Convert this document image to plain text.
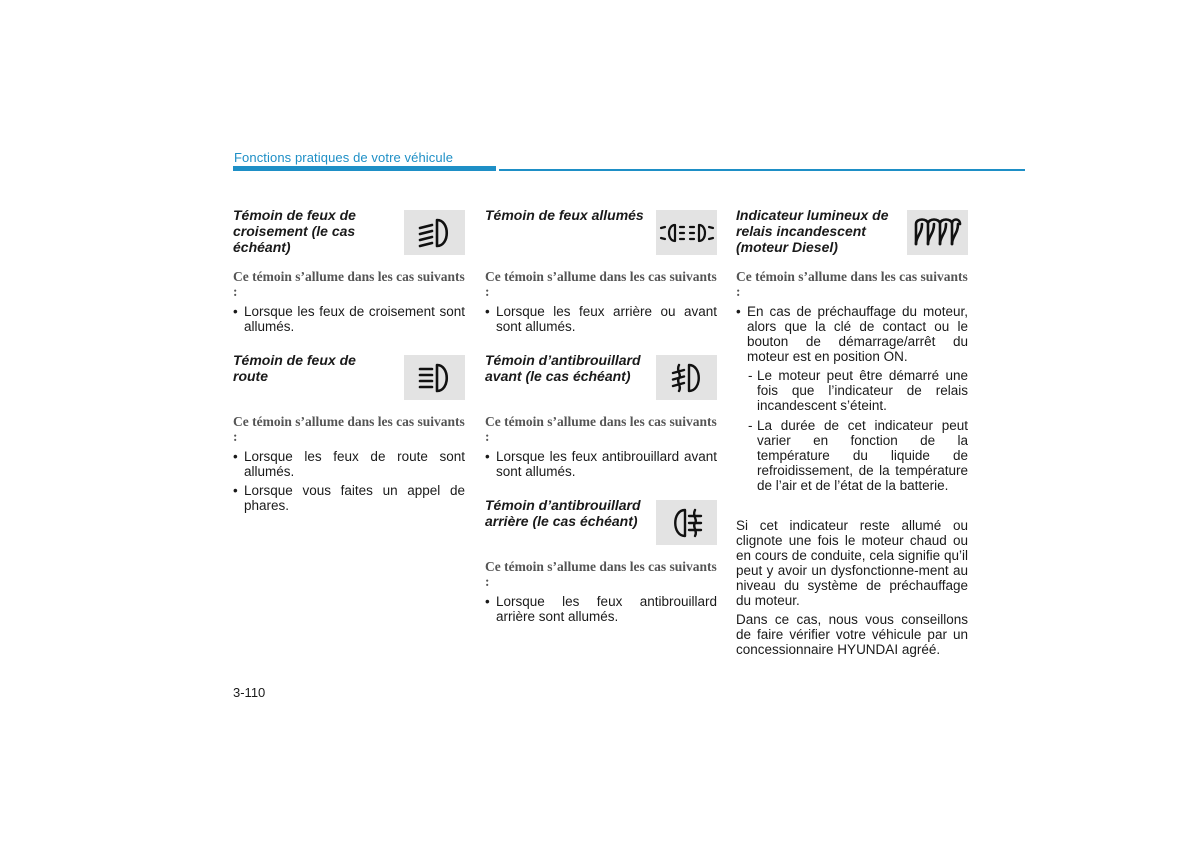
Fonctions pratiques de votre véhicule

Témoin de feux de croisement (le cas échéant)

Ce témoin s’allume dans les cas suivants :
• Lorsque les feux de croisement sont allumés.

Témoin de feux de route

Ce témoin s’allume dans les cas suivants :
• Lorsque les feux de route sont allumés.
• Lorsque vous faites un appel de phares.

Témoin de feux allumés

Ce témoin s’allume dans les cas suivants :
• Lorsque les feux arrière ou avant sont allumés.

Témoin d’antibrouillard avant (le cas échéant)

Ce témoin s’allume dans les cas suivants :
• Lorsque les feux antibrouillard avant sont allumés.

Témoin d’antibrouillard arrière (le cas échéant)

Ce témoin s’allume dans les cas suivants :
• Lorsque les feux antibrouillard arrière sont allumés.

Indicateur lumineux de relais incandescent (moteur Diesel)

Ce témoin s’allume dans les cas suivants :
• En cas de préchauffage du moteur, alors que la clé de contact ou le bouton de démarrage/arrêt du moteur est en position ON.
- Le moteur peut être démarré une fois que l’indicateur de relais incandescent s’éteint.
- La durée de cet indicateur peut varier en fonction de la température du liquide de refroidissement, de la température de l’air et de l’état de la batterie.

Si cet indicateur reste allumé ou clignote une fois le moteur chaud ou en cours de conduite, cela signifie qu’il peut y avoir un dysfonctionne-ment au niveau du système de préchauffage du moteur.

Dans ce cas, nous vous conseillons de faire vérifier votre véhicule par un concessionnaire HYUNDAI agréé.

3-110
